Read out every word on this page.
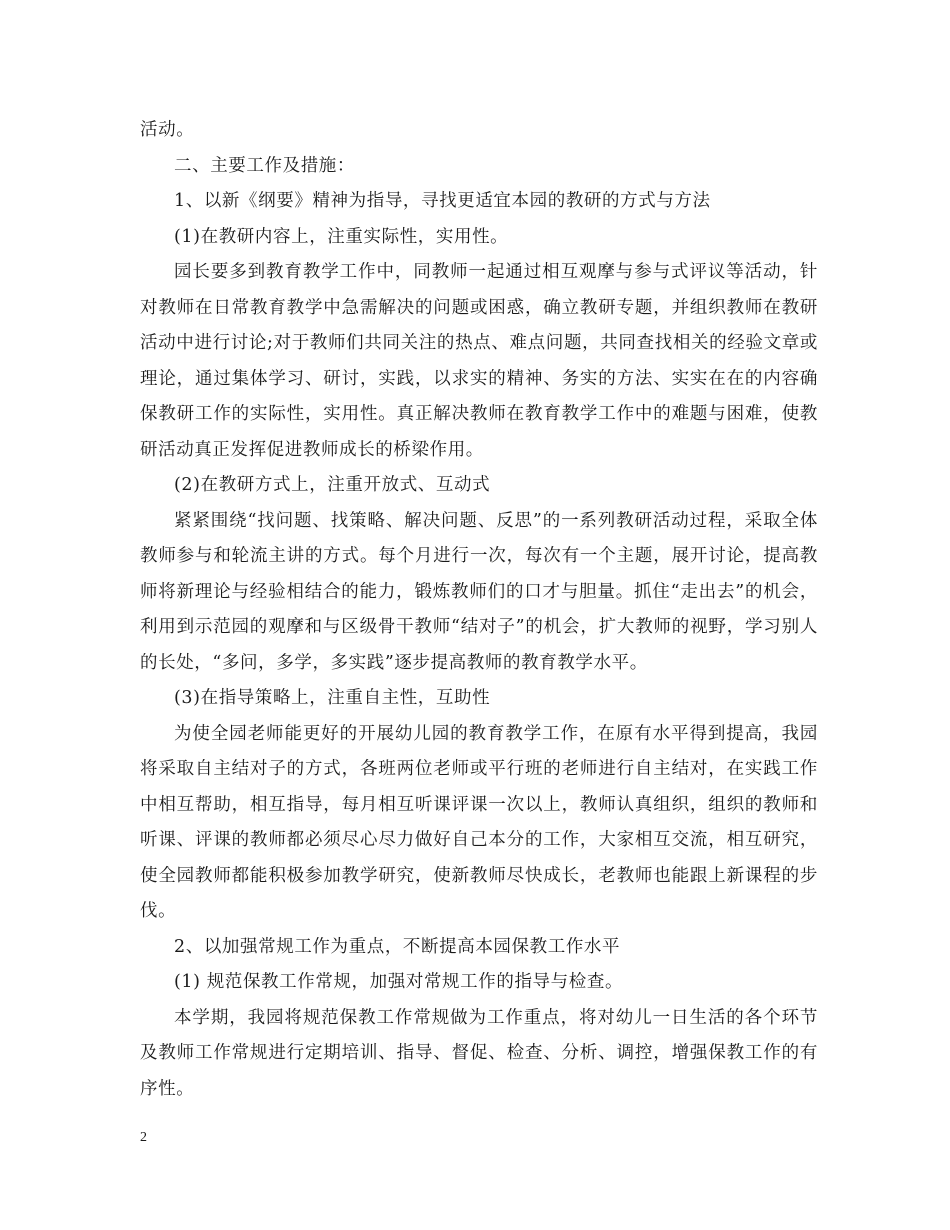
活动。

二、主要工作及措施：

1、以新《纲要》精神为指导，寻找更适宜本园的教研的方式与方法

(1)在教研内容上，注重实际性，实用性。

园长要多到教育教学工作中，同教师一起通过相互观摩与参与式评议等活动，针对教师在日常教育教学中急需解决的问题或困惑，确立教研专题，并组织教师在教研活动中进行讨论;对于教师们共同关注的热点、难点问题，共同查找相关的经验文章或理论，通过集体学习、研讨，实践，以求实的精神、务实的方法、实实在在的内容确保教研工作的实际性，实用性。真正解决教师在教育教学工作中的难题与困难，使教研活动真正发挥促进教师成长的桥梁作用。

(2)在教研方式上，注重开放式、互动式

紧紧围绕“找问题、找策略、解决问题、反思”的一系列教研活动过程，采取全体教师参与和轮流主讲的方式。每个月进行一次，每次有一个主题，展开讨论，提高教师将新理论与经验相结合的能力，锻炼教师们的口才与胆量。抓住“走出去”的机会，利用到示范园的观摩和与区级骨干教师“结对子”的机会，扩大教师的视野，学习别人的长处，“多问，多学，多实践”逐步提高教师的教育教学水平。

(3)在指导策略上，注重自主性，互助性

为使全园老师能更好的开展幼儿园的教育教学工作，在原有水平得到提高，我园将采取自主结对子的方式，各班两位老师或平行班的老师进行自主结对，在实践工作中相互帮助，相互指导，每月相互听课评课一次以上，教师认真组织，组织的教师和听课、评课的教师都必须尽心尽力做好自己本分的工作，大家相互交流，相互研究，使全园教师都能积极参加教学研究，使新教师尽快成长，老教师也能跟上新课程的步伐。

2、以加强常规工作为重点，不断提高本园保教工作水平

(1) 规范保教工作常规，加强对常规工作的指导与检查。

本学期，我园将规范保教工作常规做为工作重点，将对幼儿一日生活的各个环节及教师工作常规进行定期培训、指导、督促、检查、分析、调控，增强保教工作的有序性。

2
